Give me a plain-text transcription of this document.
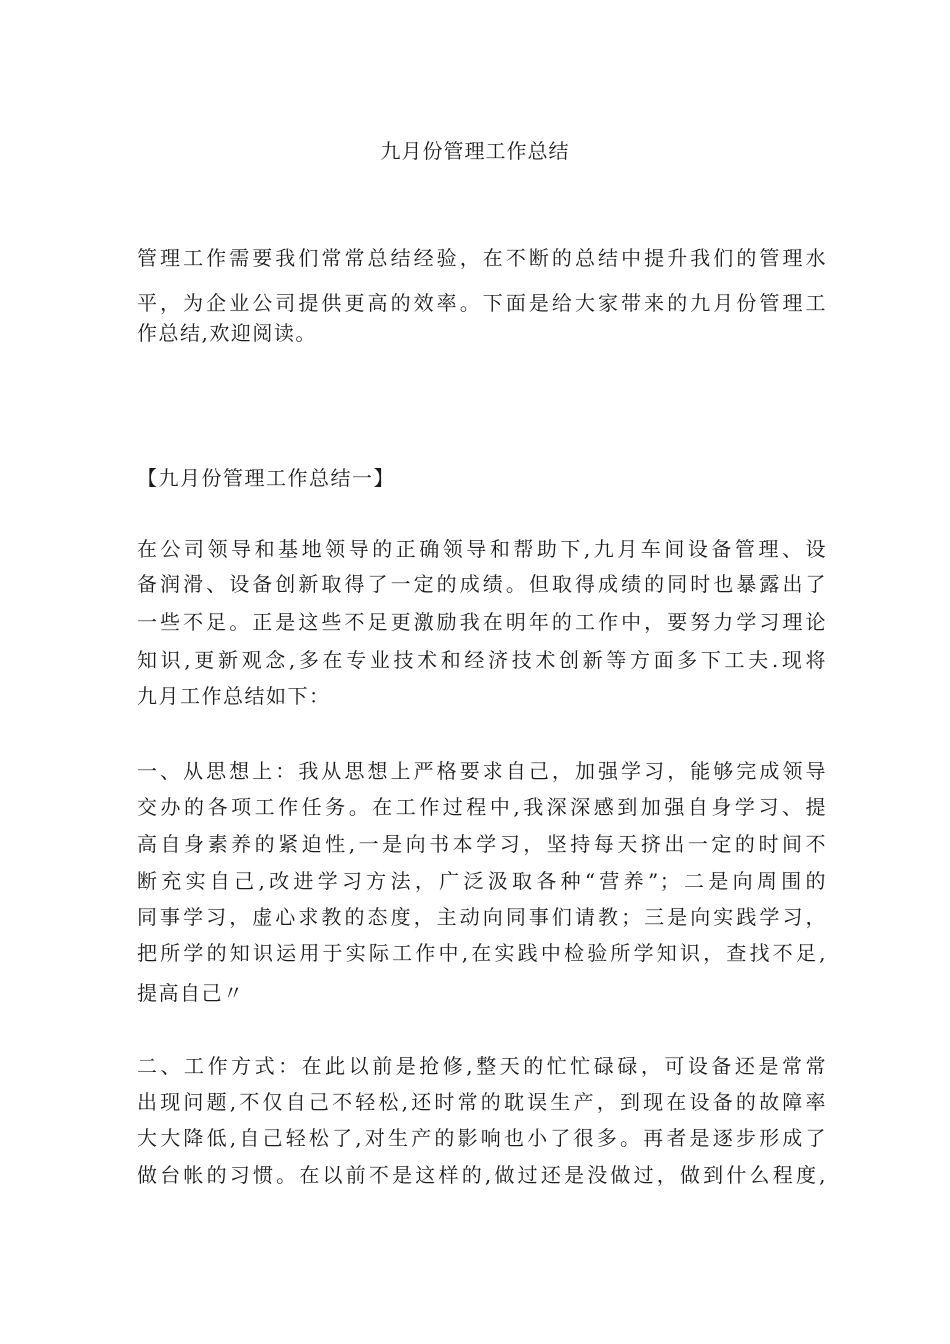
九月份管理工作总结
管理工作需要我们常常总结经验，在不断的总结中提升我们的管理水
平，为企业公司提供更高的效率。下面是给大家带来的九月份管理工
作总结,欢迎阅读。
【九月份管理工作总结一】
在公司领导和基地领导的正确领导和帮助下,九月车间设备管理、设
备润滑、设备创新取得了一定的成绩。但取得成绩的同时也暴露出了
一些不足。正是这些不足更激励我在明年的工作中，要努力学习理论
知识,更新观念,多在专业技术和经济技术创新等方面多下工夫.现将
九月工作总结如下：
一、从思想上：我从思想上严格要求自己，加强学习，能够完成领导
交办的各项工作任务。在工作过程中,我深深感到加强自身学习、提
高自身素养的紧迫性,一是向书本学习，坚持每天挤出一定的时间不
断充实自己,改进学习方法，广泛汲取各种“营养”；二是向周围的
同事学习，虚心求教的态度，主动向同事们请教；三是向实践学习，
把所学的知识运用于实际工作中,在实践中检验所学知识，查找不足,
提高自己〃
二、工作方式：在此以前是抢修,整天的忙忙碌碌，可设备还是常常
出现问题,不仅自己不轻松,还时常的耽误生产，到现在设备的故障率
大大降低,自己轻松了,对生产的影响也小了很多。再者是逐步形成了
做台帐的习惯。在以前不是这样的,做过还是没做过，做到什么程度,
